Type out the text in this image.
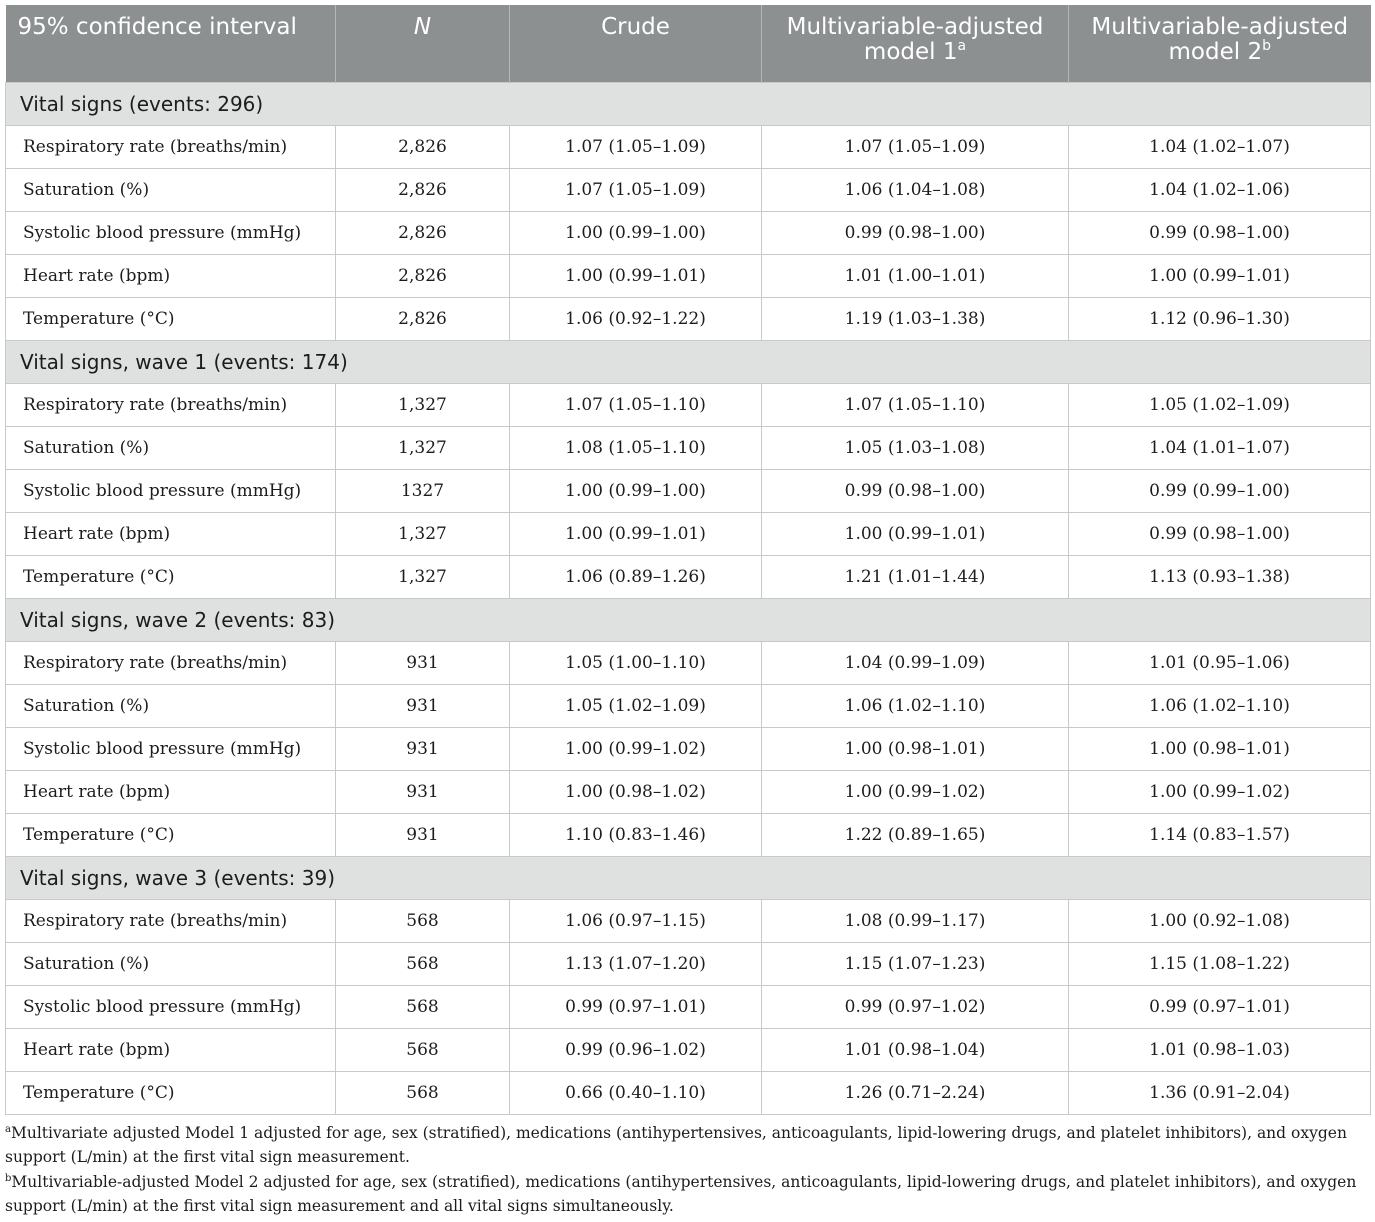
95% confidence interval	N	Crude	Multivariable-adjusted model 1$^a$	Multivariable-adjusted model 2$^b$
Vital signs (events: 296)				
Respiratory rate (breaths/min)	2,826	1.07 (1.05–1.09)	1.07 (1.05–1.09)	1.04 (1.02–1.07)
Saturation (%)	2,826	1.07 (1.05–1.09)	1.06 (1.04–1.08)	1.04 (1.02–1.06)
Systolic blood pressure (mmHg)	2,826	1.00 (0.99–1.00)	0.99 (0.98–1.00)	0.99 (0.98–1.00)
Heart rate (bpm)	2,826	1.00 (0.99–1.01)	1.01 (1.00–1.01)	1.00 (0.99–1.01)
Temperature (°C)	2,826	1.06 (0.92–1.22)	1.19 (1.03–1.38)	1.12 (0.96–1.30)
Vital signs, wave 1 (events: 174)				
Respiratory rate (breaths/min)	1,327	1.07 (1.05–1.10)	1.07 (1.05–1.10)	1.05 (1.02–1.09)
Saturation (%)	1,327	1.08 (1.05–1.10)	1.05 (1.03–1.08)	1.04 (1.01–1.07)
Systolic blood pressure (mmHg)	1327	1.00 (0.99–1.00)	0.99 (0.98–1.00)	0.99 (0.99–1.00)
Heart rate (bpm)	1,327	1.00 (0.99–1.01)	1.00 (0.99–1.01)	0.99 (0.98–1.00)
Temperature (°C)	1,327	1.06 (0.89–1.26)	1.21 (1.01–1.44)	1.13 (0.93–1.38)
Vital signs, wave 2 (events: 83)				
Respiratory rate (breaths/min)	931	1.05 (1.00–1.10)	1.04 (0.99–1.09)	1.01 (0.95–1.06)
Saturation (%)	931	1.05 (1.02–1.09)	1.06 (1.02–1.10)	1.06 (1.02–1.10)
Systolic blood pressure (mmHg)	931	1.00 (0.99–1.02)	1.00 (0.98–1.01)	1.00 (0.98–1.01)
Heart rate (bpm)	931	1.00 (0.98–1.02)	1.00 (0.99–1.02)	1.00 (0.99–1.02)
Temperature (°C)	931	1.10 (0.83–1.46)	1.22 (0.89–1.65)	1.14 (0.83–1.57)
Vital signs, wave 3 (events: 39)				
Respiratory rate (breaths/min)	568	1.06 (0.97–1.15)	1.08 (0.99–1.17)	1.00 (0.92–1.08)
Saturation (%)	568	1.13 (1.07–1.20)	1.15 (1.07–1.23)	1.15 (1.08–1.22)
Systolic blood pressure (mmHg)	568	0.99 (0.97–1.01)	0.99 (0.97–1.02)	0.99 (0.97–1.01)
Heart rate (bpm)	568	0.99 (0.96–1.02)	1.01 (0.98–1.04)	1.01 (0.98–1.03)
Temperature (°C)	568	0.66 (0.40–1.10)	1.26 (0.71–2.24)	1.36 (0.91–2.04)

$^a$Multivariate adjusted Model 1 adjusted for age, sex (stratified), medications (antihypertensives, anticoagulants, lipid-lowering drugs, and platelet inhibitors), and oxygen support (L/min) at the first vital sign measurement.

$^b$Multivariable-adjusted Model 2 adjusted for age, sex (stratified), medications (antihypertensives, anticoagulants, lipid-lowering drugs, and platelet inhibitors), and oxygen support (L/min) at the first vital sign measurement and all vital signs simultaneously.
